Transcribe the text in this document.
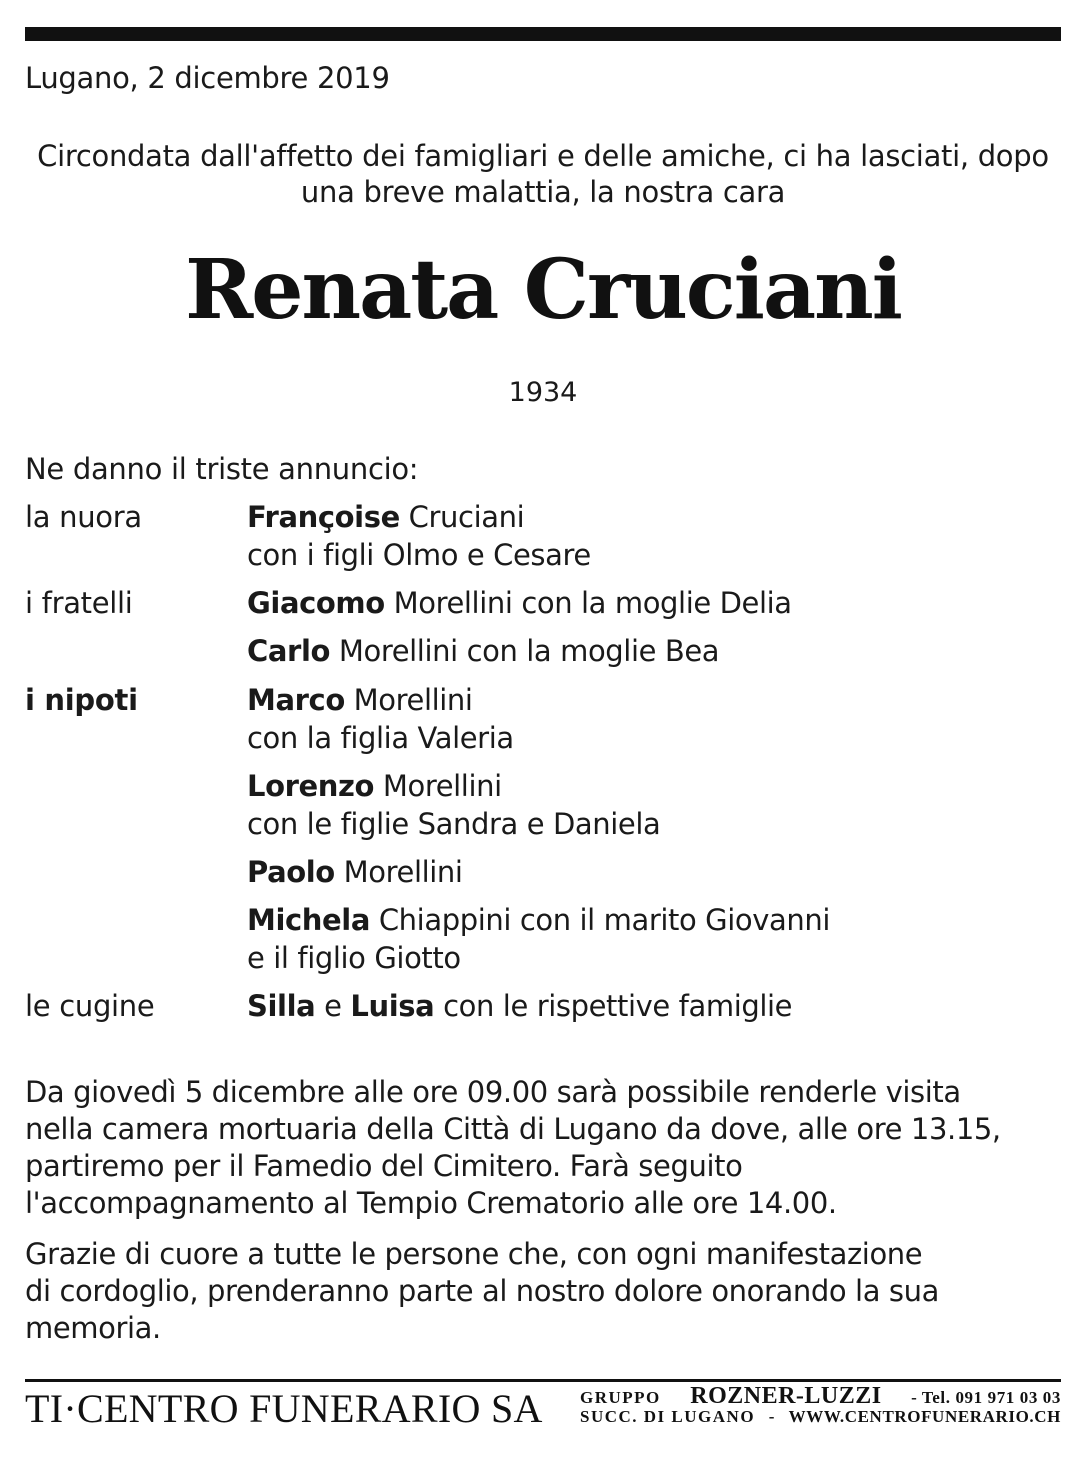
Lugano, 2 dicembre 2019
Circondata dall'affetto dei famigliari e delle amiche, ci ha lasciati, dopo
una breve malattia, la nostra cara
Renata Cruciani
1934
Ne danno il triste annuncio:
la nuora	Françoise Cruciani
con i figli Olmo e Cesare
i fratelli	Giacomo Morellini con la moglie Delia
Carlo Morellini con la moglie Bea
i nipoti	Marco Morellini
con la figlia Valeria
Lorenzo Morellini
con le figlie Sandra e Daniela
Paolo Morellini
Michela Chiappini con il marito Giovanni
e il figlio Giotto
le cugine	Silla e Luisa con le rispettive famiglie
Da giovedì 5 dicembre alle ore 09.00 sarà possibile renderle visita
nella camera mortuaria della Città di Lugano da dove, alle ore 13.15,
partiremo per il Famedio del Cimitero. Farà seguito
l'accompagnamento al Tempio Crematorio alle ore 14.00.
Grazie di cuore a tutte le persone che, con ogni manifestazione
di cordoglio, prenderanno parte al nostro dolore onorando la sua
memoria.
TI·CENTRO FUNERARIO SA GRUPPO ROZNER-LUZZI - Tel. 091 971 03 03
SUCC. DI LUGANO - WWW.CENTROFUNERARIO.CH
